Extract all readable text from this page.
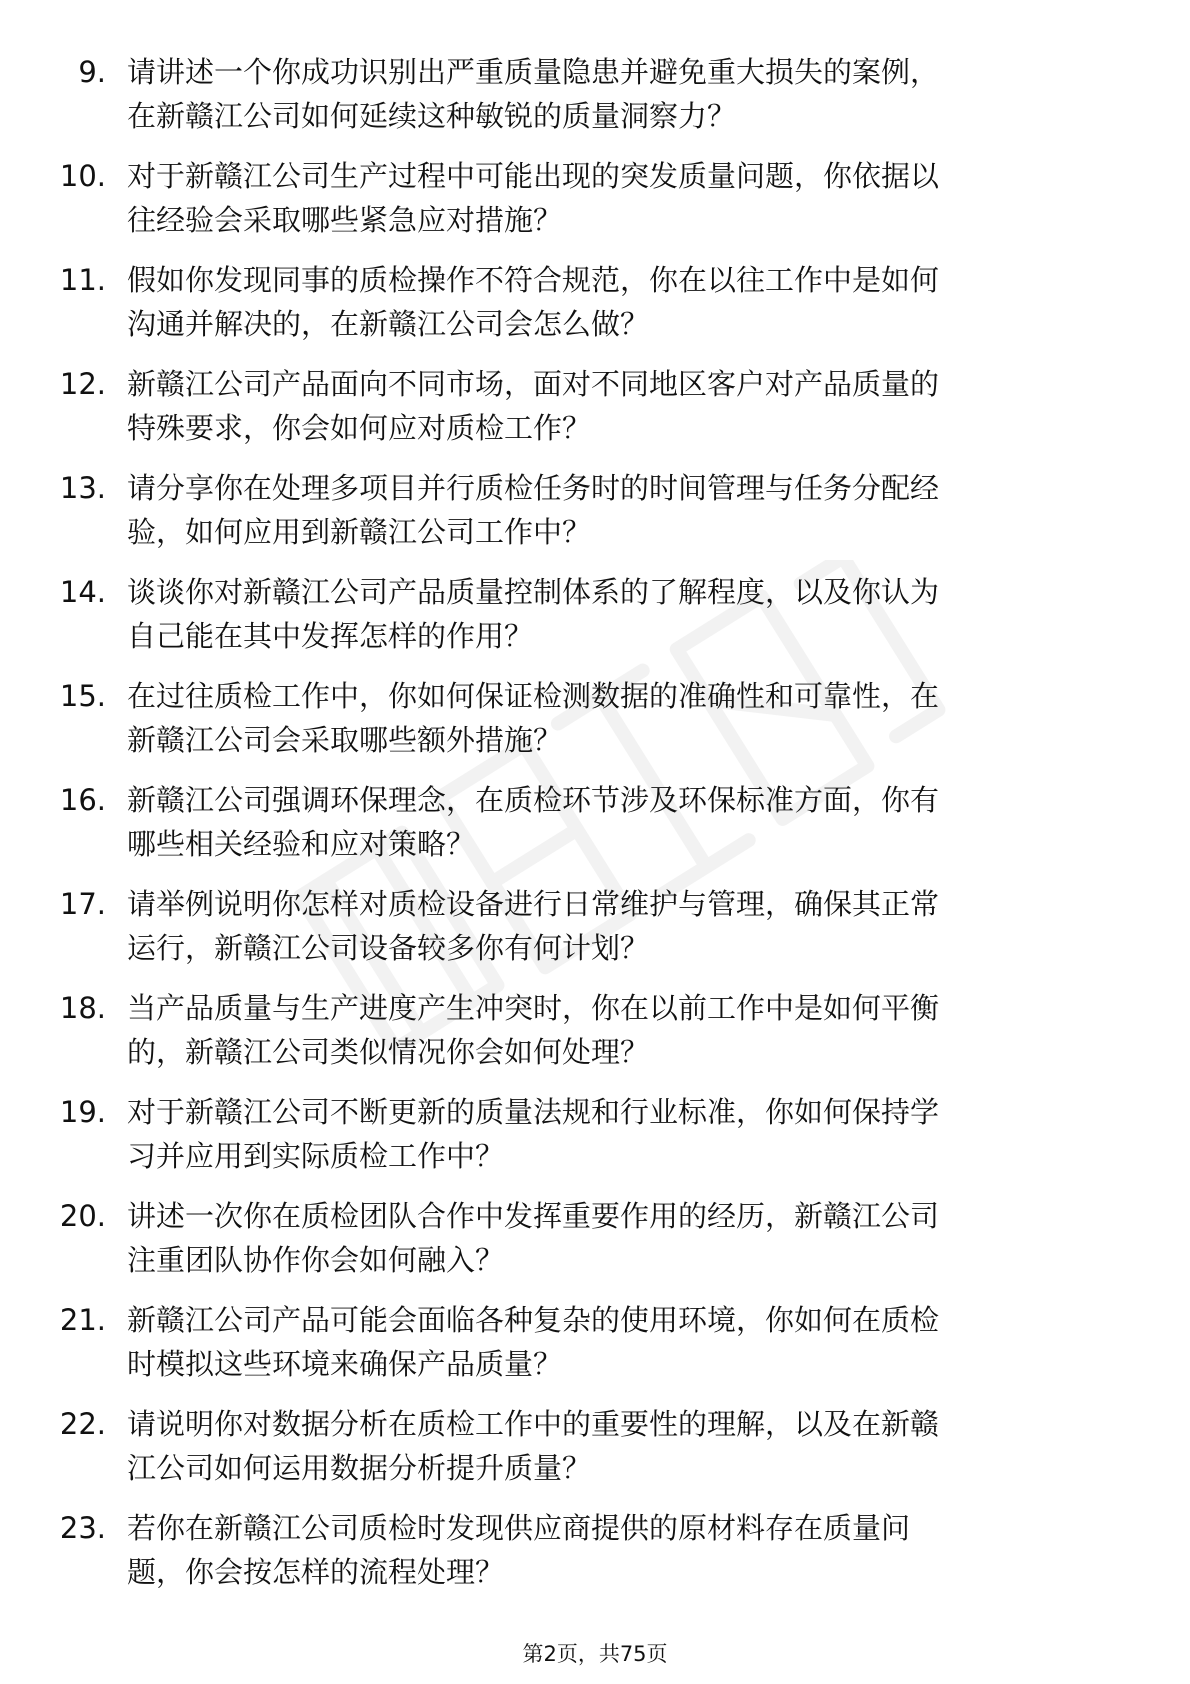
9. 请讲述一个你成功识别出严重质量隐患并避免重大损失的案例，
在新赣江公司如何延续这种敏锐的质量洞察力？
10. 对于新赣江公司生产过程中可能出现的突发质量问题，你依据以
往经验会采取哪些紧急应对措施？
11. 假如你发现同事的质检操作不符合规范，你在以往工作中是如何
沟通并解决的，在新赣江公司会怎么做？
12. 新赣江公司产品面向不同市场，面对不同地区客户对产品质量的
特殊要求，你会如何应对质检工作？
13. 请分享你在处理多项目并行质检任务时的时间管理与任务分配经
验，如何应用到新赣江公司工作中？
14. 谈谈你对新赣江公司产品质量控制体系的了解程度，以及你认为
自己能在其中发挥怎样的作用？
15. 在过往质检工作中，你如何保证检测数据的准确性和可靠性，在
新赣江公司会采取哪些额外措施？
16. 新赣江公司强调环保理念，在质检环节涉及环保标准方面，你有
哪些相关经验和应对策略？
17. 请举例说明你怎样对质检设备进行日常维护与管理，确保其正常
运行，新赣江公司设备较多你有何计划？
18. 当产品质量与生产进度产生冲突时，你在以前工作中是如何平衡
的，新赣江公司类似情况你会如何处理？
19. 对于新赣江公司不断更新的质量法规和行业标准，你如何保持学
习并应用到实际质检工作中？
20. 讲述一次你在质检团队合作中发挥重要作用的经历，新赣江公司
注重团队协作你会如何融入？
21. 新赣江公司产品可能会面临各种复杂的使用环境，你如何在质检
时模拟这些环境来确保产品质量？
22. 请说明你对数据分析在质检工作中的重要性的理解，以及在新赣
江公司如何运用数据分析提升质量？
23. 若你在新赣江公司质检时发现供应商提供的原材料存在质量问
题，你会按怎样的流程处理？
第2页，共75页
